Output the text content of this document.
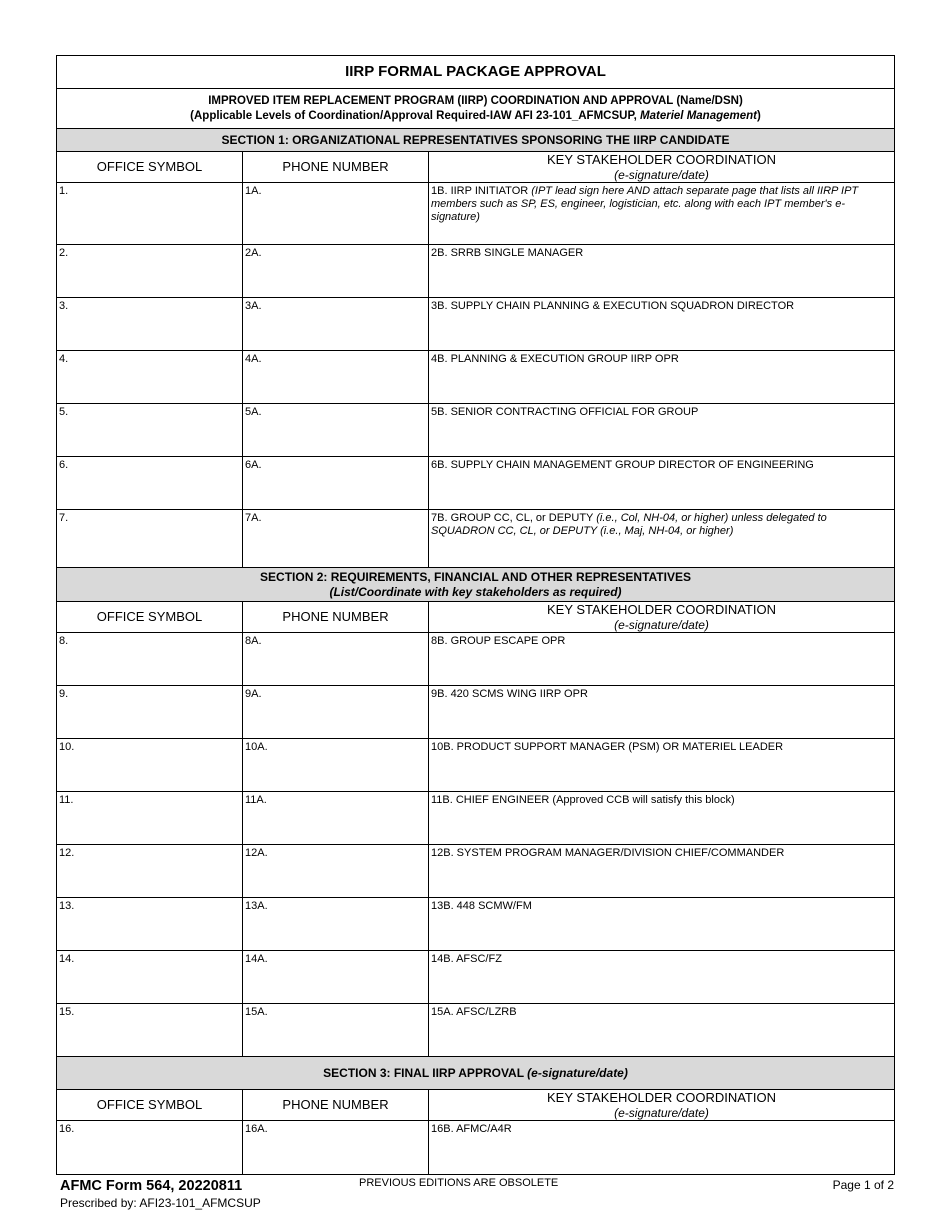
IIRP FORMAL PACKAGE APPROVAL
IMPROVED ITEM REPLACEMENT PROGRAM (IIRP) COORDINATION AND APPROVAL (Name/DSN)
(Applicable Levels of Coordination/Approval Required-IAW AFI 23-101_AFMCSUP, Materiel Management)
SECTION 1: ORGANIZATIONAL REPRESENTATIVES SPONSORING THE IIRP CANDIDATE
OFFICE SYMBOL	PHONE NUMBER	KEY STAKEHOLDER COORDINATION
(e-signature/date)
1.	1A.	1B. IIRP INITIATOR (IPT lead sign here AND attach separate page that lists all IIRP IPT members such as SP, ES, engineer, logistician, etc. along with each IPT member's e-signature)
2.	2A.	2B. SRRB SINGLE MANAGER
3.	3A.	3B. SUPPLY CHAIN PLANNING & EXECUTION SQUADRON DIRECTOR
4.	4A.	4B. PLANNING & EXECUTION GROUP IIRP OPR
5.	5A.	5B. SENIOR CONTRACTING OFFICIAL FOR GROUP
6.	6A.	6B. SUPPLY CHAIN MANAGEMENT GROUP DIRECTOR OF ENGINEERING
7.	7A.	7B. GROUP CC, CL, or DEPUTY (i.e., Col, NH-04, or higher) unless delegated to SQUADRON CC, CL, or DEPUTY (i.e., Maj, NH-04, or higher)
SECTION 2: REQUIREMENTS, FINANCIAL AND OTHER REPRESENTATIVES
(List/Coordinate with key stakeholders as required)
OFFICE SYMBOL	PHONE NUMBER	KEY STAKEHOLDER COORDINATION
(e-signature/date)
8.	8A.	8B. GROUP ESCAPE OPR
9.	9A.	9B. 420 SCMS WING IIRP OPR
10.	10A.	10B. PRODUCT SUPPORT MANAGER (PSM) OR MATERIEL LEADER
11.	11A.	11B. CHIEF ENGINEER (Approved CCB will satisfy this block)
12.	12A.	12B. SYSTEM PROGRAM MANAGER/DIVISION CHIEF/COMMANDER
13.	13A.	13B. 448 SCMW/FM
14.	14A.	14B. AFSC/FZ
15.	15A.	15A. AFSC/LZRB
SECTION 3: FINAL IIRP APPROVAL (e-signature/date)
OFFICE SYMBOL	PHONE NUMBER	KEY STAKEHOLDER COORDINATION
(e-signature/date)
16.	16A.	16B. AFMC/A4R
AFMC Form 564, 20220811
Prescribed by: AFI23-101_AFMCSUP
PREVIOUS EDITIONS ARE OBSOLETE	Page 1 of 2
